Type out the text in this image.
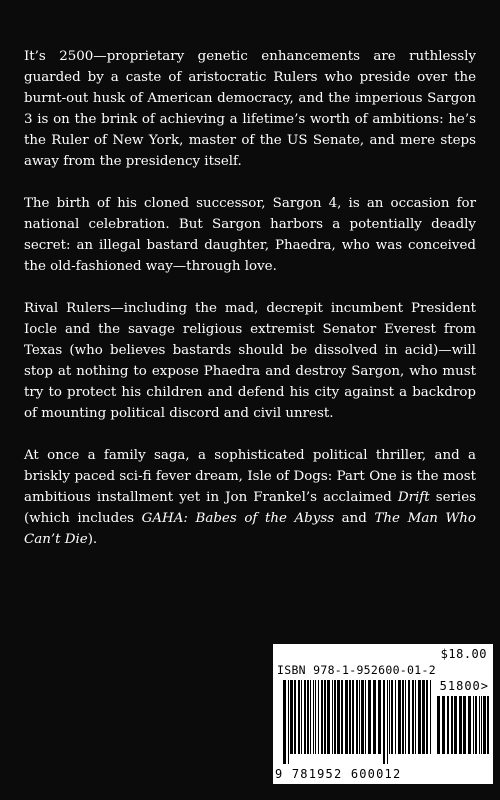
It’s 2500—proprietary genetic enhancements are ruthlessly guarded by a caste of aristocratic Rulers who preside over the burnt-out husk of American democracy, and the imperious Sargon 3 is on the brink of achieving a lifetime’s worth of ambitions: he’s the Ruler of New York, master of the US Senate, and mere steps away from the presidency itself.

The birth of his cloned successor, Sargon 4, is an occasion for national celebration. But Sargon harbors a potentially deadly secret: an illegal bastard daughter, Phaedra, who was conceived the old-fashioned way—through love.

Rival Rulers—including the mad, decrepit incumbent President Iocle and the savage religious extremist Senator Everest from Texas (who believes bastards should be dissolved in acid)—will stop at nothing to expose Phaedra and destroy Sargon, who must try to protect his children and defend his city against a backdrop of mounting political discord and civil unrest.

At once a family saga, a sophisticated political thriller, and a briskly paced sci-fi fever dream, Isle of Dogs: Part One is the most ambitious installment yet in Jon Frankel’s acclaimed Drift series (which includes GAHA: Babes of the Abyss and The Man Who Can’t Die).

$18.00
ISBN 978-1-952600-01-2
51800>
9 781952 600012
